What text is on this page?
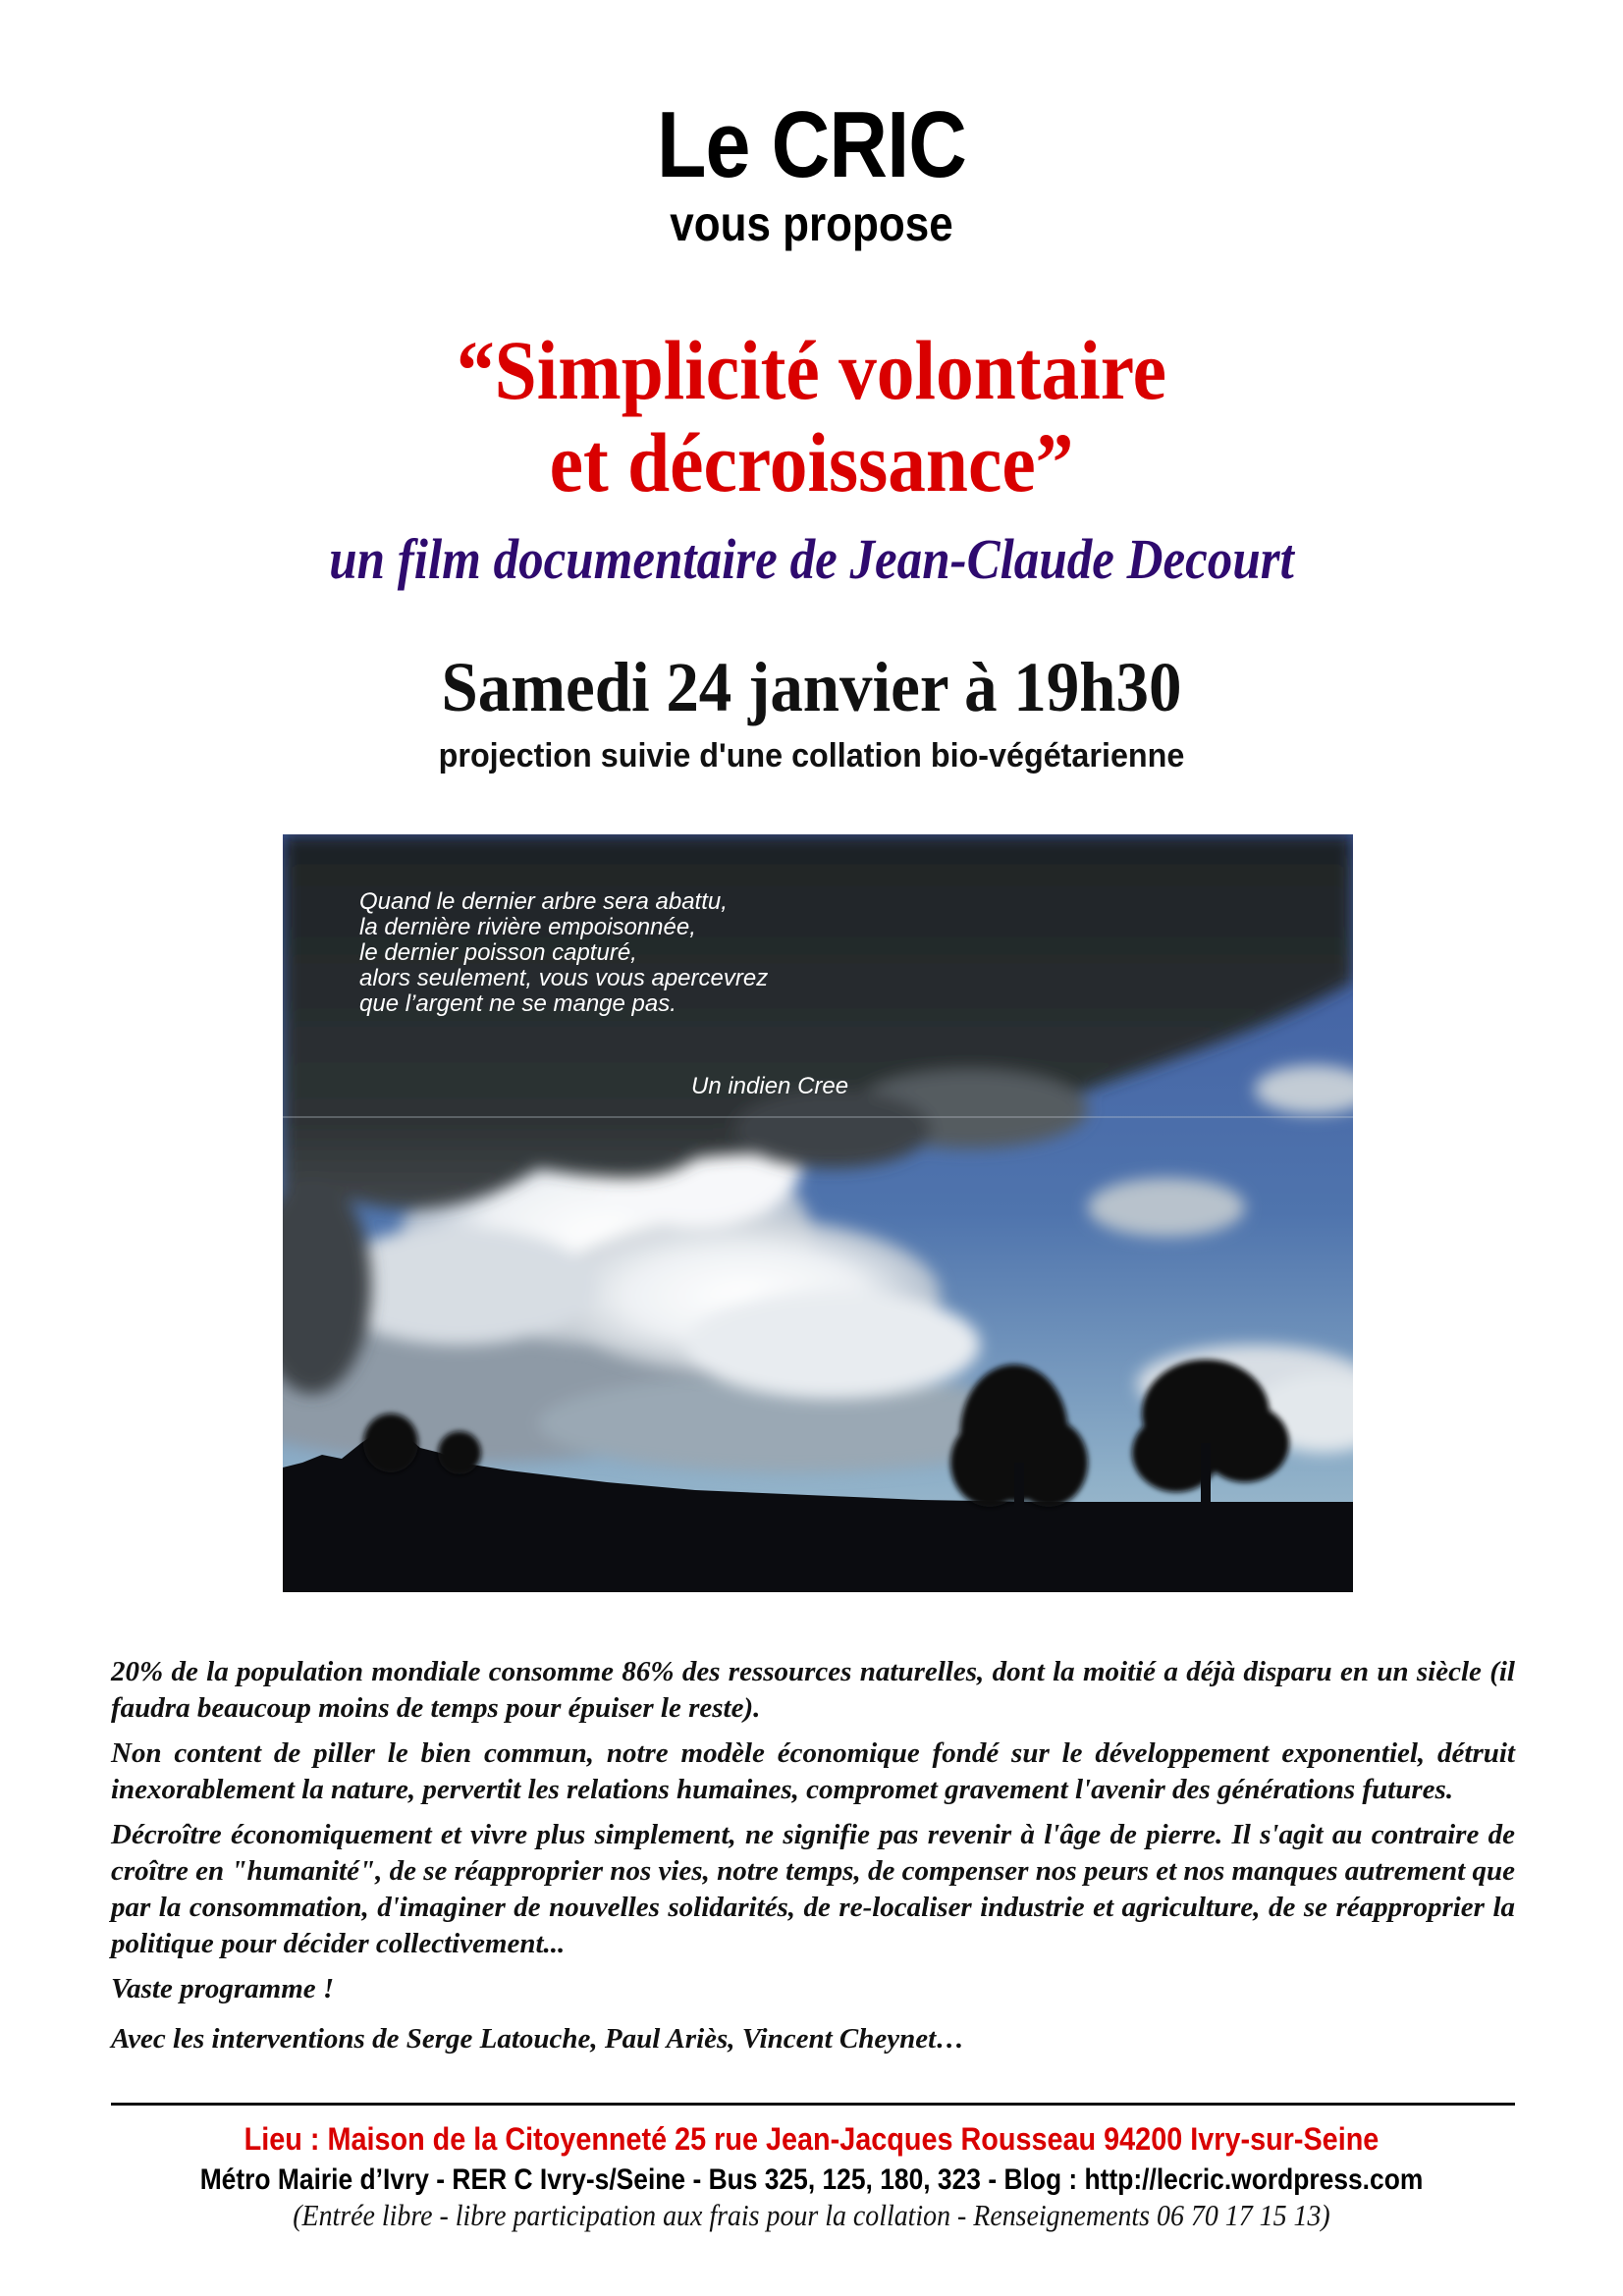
Le CRIC
vous propose
“Simplicité volontaire
et décroissance”
un film documentaire de Jean-Claude Decourt
Samedi 24 janvier à 19h30
projection suivie d'une collation bio-végétarienne
Quand le dernier arbre sera abattu,
la dernière rivière empoisonnée,
le dernier poisson capturé,
alors seulement, vous vous apercevrez
que l’argent ne se mange pas.
Un indien Cree

20% de la population mondiale consomme 86% des ressources naturelles, dont la moitié a déjà disparu en un siècle (il faudra beaucoup moins de temps pour épuiser le reste).

Non content de piller le bien commun, notre modèle économique fondé sur le développement exponentiel, détruit inexorablement la nature, pervertit les relations humaines, compromet gravement l'avenir des générations futures.

Décroître économiquement et vivre plus simplement, ne signifie pas revenir à l'âge de pierre. Il s'agit au contraire de croître en "humanité", de se réapproprier nos vies, notre temps, de compenser nos peurs et nos manques autrement que par la consommation, d'imaginer de nouvelles solidarités, de re-localiser industrie et agriculture, de se réapproprier la politique pour décider collectivement...

Vaste programme !

Avec les interventions de Serge Latouche, Paul Ariès, Vincent Cheynet…

Lieu : Maison de la Citoyenneté 25 rue Jean-Jacques Rousseau 94200 Ivry-sur-Seine
Métro Mairie d’Ivry - RER C Ivry-s/Seine - Bus 325, 125, 180, 323 - Blog : http://lecric.wordpress.com
(Entrée libre - libre participation aux frais pour la collation - Renseignements 06 70 17 15 13)
